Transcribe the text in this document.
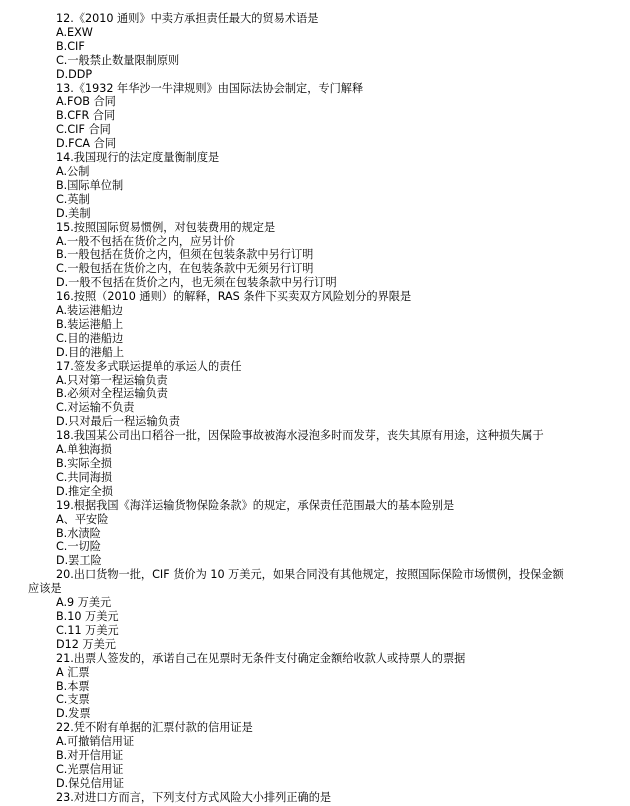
12.《2010 通则》中卖方承担责任最大的贸易术语是
A.EXW
B.CIF
C.一般禁止数量限制原则
D.DDP
13.《1932 年华沙一牛津规则》由国际法协会制定，专门解释
A.FOB 合同
B.CFR 合同
C.CIF 合同
D.FCA 合同
14.我国现行的法定度量衡制度是
A.公制
B.国际单位制
C.英制
D.美制
15.按照国际贸易惯例，对包装费用的规定是
A.一般不包括在货价之内，应另计价
B.一般包括在货价之内，但须在包装条款中另行订明
C.一般包括在货价之内，在包装条款中无须另行订明
D.一般不包括在货价之内，也无须在包装条款中另行订明
16.按照（2010 通则）的解释，RAS 条件下买卖双方风险划分的界限是
A.装运港船边
B.装运港船上
C.目的港船边
D.目的港船上
17.签发多式联运提单的承运人的责任
A.只对第一程运输负责
B.必须对全程运输负责
C.对运输不负责
D.只对最后一程运输负责
18.我国某公司出口稻谷一批，因保险事故被海水浸泡多时而发芽，丧失其原有用途，这种损失属于
A.单独海损
B.实际全损
C.共同海损
D.推定全损
19.根据我国《海洋运输货物保险条款》的规定，承保责任范围最大的基本险别是
A、平安险
B.水渍险
C.一切险
D.罢工险
20.出口货物一批，CIF 货价为 10 万美元，如果合同没有其他规定，按照国际保险市场惯例，投保金额
应该是
A.9 万美元
B.10 万美元
C.11 万美元
D12 万美元
21.出票人签发的，承诺自己在见票时无条件支付确定金额给收款人或持票人的票据
A 汇票
B.本票
C.支票
D.发票
22.凭不附有单据的汇票付款的信用证是
A.可撤销信用证
B.对开信用证
C.光票信用证
D.保兑信用证
23.对进口方而言，下列支付方式风险大小排列正确的是
